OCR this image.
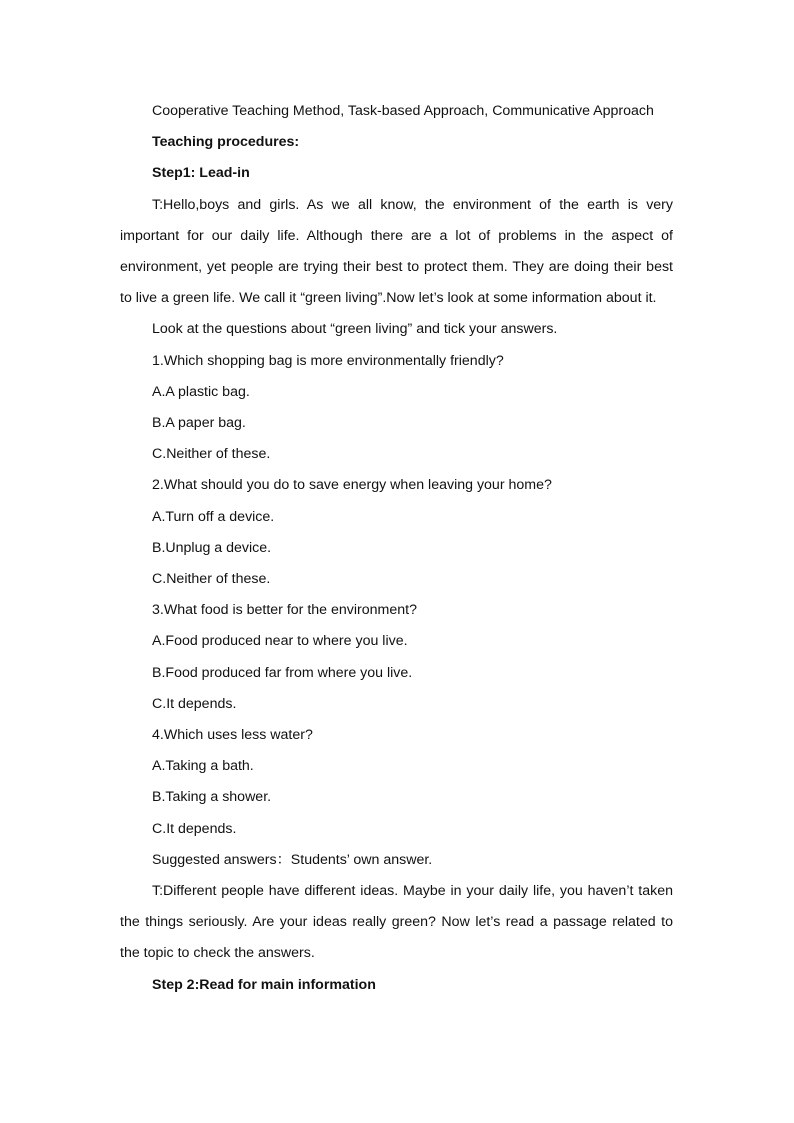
Cooperative Teaching Method, Task-based Approach, Communicative Approach

Teaching procedures:

Step1: Lead-in

T:Hello,boys and girls. As we all know, the environment of the earth is very important for our daily life. Although there are a lot of problems in the aspect of environment, yet people are trying their best to protect them. They are doing their best to live a green life. We call it “green living”.Now let’s look at some information about it.

Look at the questions about “green living” and tick your answers.

1.Which shopping bag is more environmentally friendly?

A.A plastic bag.

B.A paper bag.

C.Neither of these.

2.What should you do to save energy when leaving your home?

A.Turn off a device.

B.Unplug a device.

C.Neither of these.

3.What food is better for the environment?

A.Food produced near to where you live.

B.Food produced far from where you live.

C.It depends.

4.Which uses less water?

A.Taking a bath.

B.Taking a shower.

C.It depends.

Suggested answers：Students’ own answer.

T:Different people have different ideas. Maybe in your daily life, you haven’t taken the things seriously. Are your ideas really green? Now let’s read a passage related to the topic to check the answers.

Step 2:Read for main information
